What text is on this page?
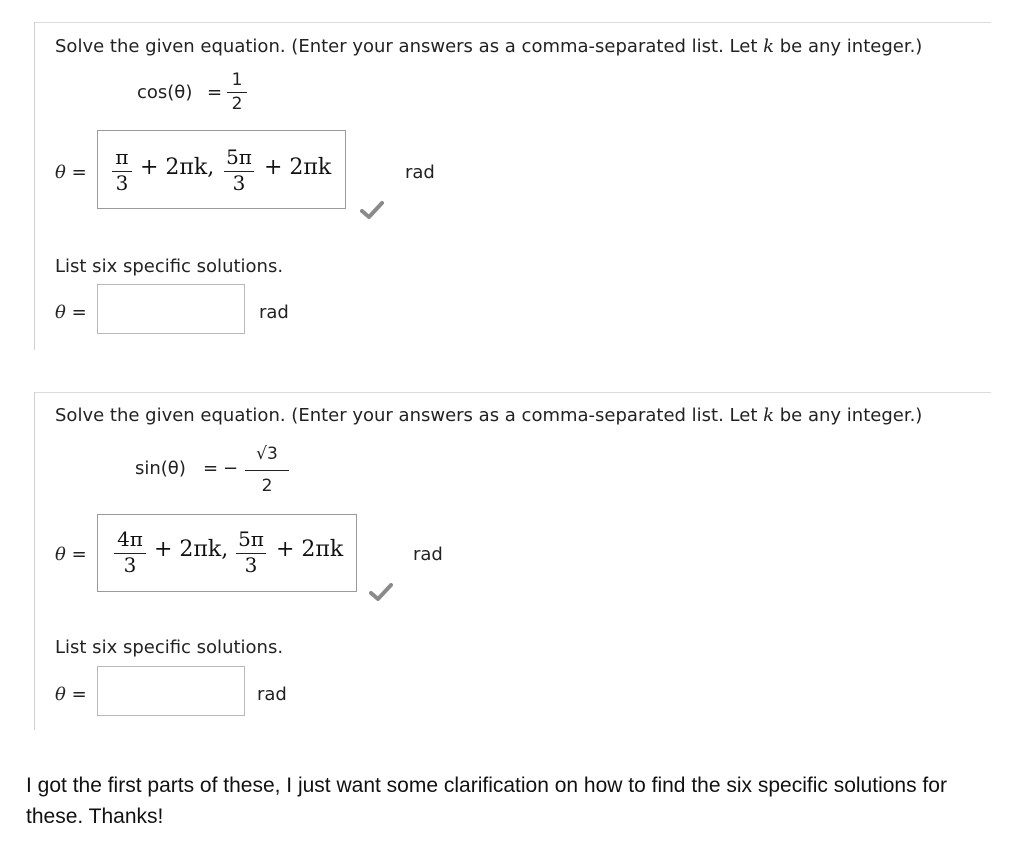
Solve the given equation. (Enter your answers as a comma-separated list. Let k be any integer.)
cos(θ) =
1
2
θ =
π
3
+ 2πk, 5π
3
+ 2πk	rad
List six specific solutions.
θ =	rad
Solve the given equation. (Enter your answers as a comma-separated list. Let k be any integer.)
sin(θ) = −
√3
2
θ =
4π
3
+ 2πk, 5π
3
+ 2πk	rad
List six specific solutions.
θ =	rad
I got the first parts of these, I just want some clarification on how to find the six specific solutions for these. Thanks!
